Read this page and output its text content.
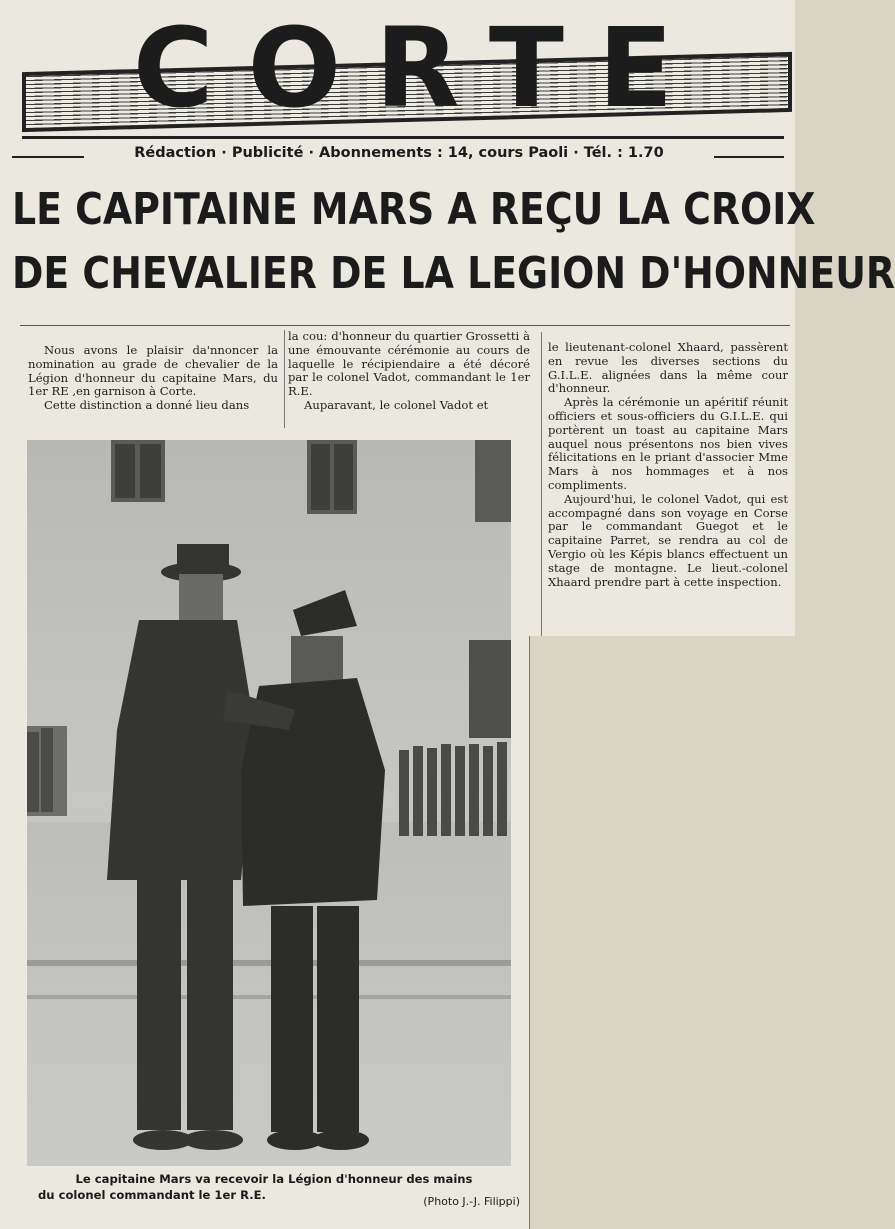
CORTE
Rédaction · Publicité · Abonnements : 14, cours Paoli · Tél. : 1.70
LE CAPITAINE MARS A REÇU LA CROIX
DE CHEVALIER DE LA LEGION D'HONNEUR

Nous avons le plaisir da'nnoncer la nomination au grade de chevalier de la Légion d'honneur du capitaine Mars, du 1er RE ,en garnison à Corte.

Cette distinction a donné lieu dans

la cou: d'honneur du quartier Grossetti à une émouvante cérémonie au cours de laquelle le récipiendaire a été décoré par le colonel Vadot, commandant le 1er R.E.

Auparavant, le colonel Vadot et

le lieutenant-colonel Xhaard, passèrent en revue les diverses sections du G.I.L.E. alignées dans la même cour d'honneur.

Après la cérémonie un apéritif réunit officiers et sous-officiers du G.I.L.E. qui portèrent un toast au capitaine Mars auquel nous présentons nos bien vives félicitations en le priant d'associer Mme Mars à nos hommages et à nos compliments.

Aujourd'hui, le colonel Vadot, qui est accompagné dans son voyage en Corse par le commandant Guegot et le capitaine Parret, se rendra au col de Vergio où les Képis blancs effectuent un stage de montagne. Le lieut.-colonel Xhaard prendre part à cette inspection.

Le capitaine Mars va recevoir la Légion d'honneur des mains
du colonel commandant le 1er R.E.	(Photo J.-J. Filippi)
